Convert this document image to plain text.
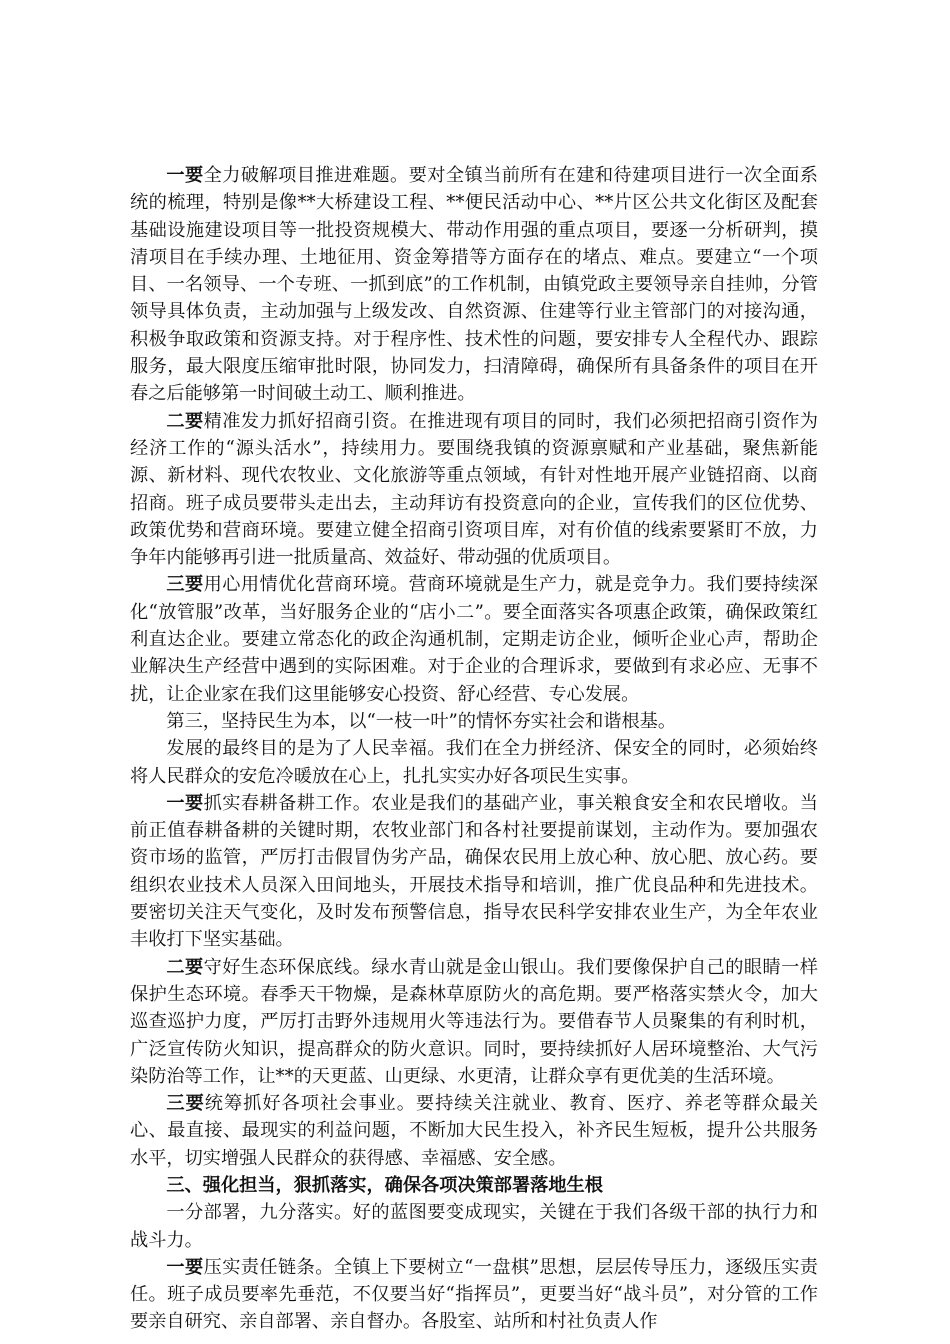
一要全力破解项目推进难题。要对全镇当前所有在建和待建项目进行一次全面系统的梳理，特别是像**大桥建设工程、**便民活动中心、**片区公共文化街区及配套基础设施建设项目等一批投资规模大、带动作用强的重点项目，要逐一分析研判，摸清项目在手续办理、土地征用、资金筹措等方面存在的堵点、难点。要建立“一个项目、一名领导、一个专班、一抓到底”的工作机制，由镇党政主要领导亲自挂帅，分管领导具体负责，主动加强与上级发改、自然资源、住建等行业主管部门的对接沟通，积极争取政策和资源支持。对于程序性、技术性的问题，要安排专人全程代办、跟踪服务，最大限度压缩审批时限，协同发力，扫清障碍，确保所有具备条件的项目在开春之后能够第一时间破土动工、顺利推进。

二要精准发力抓好招商引资。在推进现有项目的同时，我们必须把招商引资作为经济工作的“源头活水”，持续用力。要围绕我镇的资源禀赋和产业基础，聚焦新能源、新材料、现代农牧业、文化旅游等重点领域，有针对性地开展产业链招商、以商招商。班子成员要带头走出去，主动拜访有投资意向的企业，宣传我们的区位优势、政策优势和营商环境。要建立健全招商引资项目库，对有价值的线索要紧盯不放，力争年内能够再引进一批质量高、效益好、带动强的优质项目。

三要用心用情优化营商环境。营商环境就是生产力，就是竞争力。我们要持续深化“放管服”改革，当好服务企业的“店小二”。要全面落实各项惠企政策，确保政策红利直达企业。要建立常态化的政企沟通机制，定期走访企业，倾听企业心声，帮助企业解决生产经营中遇到的实际困难。对于企业的合理诉求，要做到有求必应、无事不扰，让企业家在我们这里能够安心投资、舒心经营、专心发展。

第三，坚持民生为本，以“一枝一叶”的情怀夯实社会和谐根基。

发展的最终目的是为了人民幸福。我们在全力拼经济、保安全的同时，必须始终将人民群众的安危冷暖放在心上，扎扎实实办好各项民生实事。

一要抓实春耕备耕工作。农业是我们的基础产业，事关粮食安全和农民增收。当前正值春耕备耕的关键时期，农牧业部门和各村社要提前谋划，主动作为。要加强农资市场的监管，严厉打击假冒伪劣产品，确保农民用上放心种、放心肥、放心药。要组织农业技术人员深入田间地头，开展技术指导和培训，推广优良品种和先进技术。要密切关注天气变化，及时发布预警信息，指导农民科学安排农业生产，为全年农业丰收打下坚实基础。

二要守好生态环保底线。绿水青山就是金山银山。我们要像保护自己的眼睛一样保护生态环境。春季天干物燥，是森林草原防火的高危期。要严格落实禁火令，加大巡查巡护力度，严厉打击野外违规用火等违法行为。要借春节人员聚集的有利时机，广泛宣传防火知识，提高群众的防火意识。同时，要持续抓好人居环境整治、大气污染防治等工作，让**的天更蓝、山更绿、水更清，让群众享有更优美的生活环境。

三要统筹抓好各项社会事业。要持续关注就业、教育、医疗、养老等群众最关心、最直接、最现实的利益问题，不断加大民生投入，补齐民生短板，提升公共服务水平，切实增强人民群众的获得感、幸福感、安全感。

三、强化担当，狠抓落实，确保各项决策部署落地生根

一分部署，九分落实。好的蓝图要变成现实，关键在于我们各级干部的执行力和战斗力。

一要压实责任链条。全镇上下要树立“一盘棋”思想，层层传导压力，逐级压实责任。班子成员要率先垂范，不仅要当好“指挥员”，更要当好“战斗员”，对分管的工作要亲自研究、亲自部署、亲自督办。各股室、站所和村社负责人作
